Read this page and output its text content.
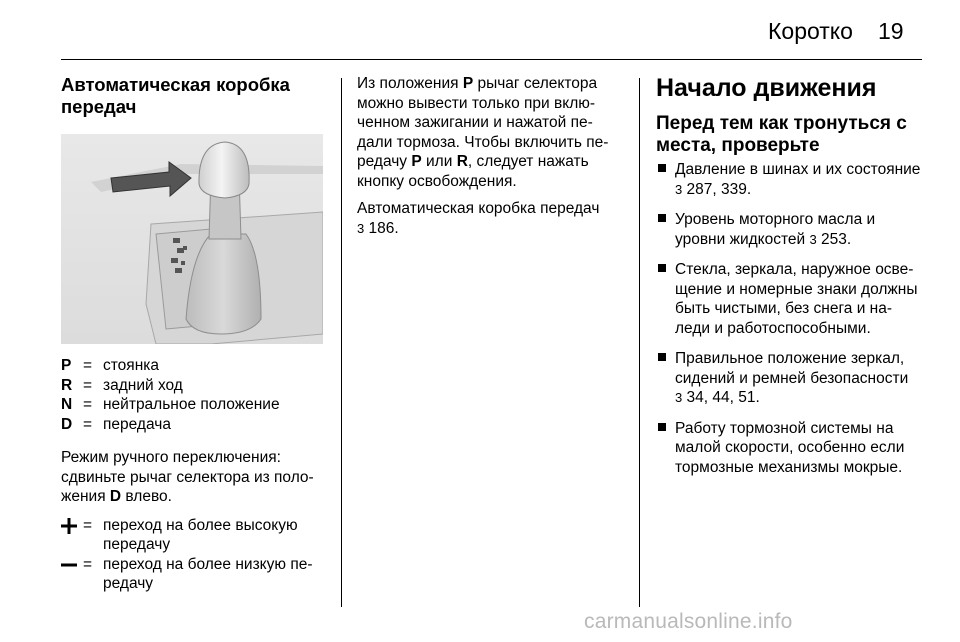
Коротко 19
Автоматическая коробка передач
P	=	стоянка
R	=	задний ход
N	=	нейтральное положение
D	=	передача

Режим ручного переключения: сдвиньте рычаг селектора из поло-жения D влево.

	=	переход на более высокую передачу
	=	переход на более низкую пе-редачу

Из положения P рычаг селектора можно вывести только при вклю-ченном зажигании и нажатой пе-дали тормоза. Чтобы включить пе-редачу P или R, следует нажать кнопку освобождения.

Автоматическая коробка передач
3 186.

Начало движения
Перед тем как тронуться с места, проверьте
Давление в шинах и их состояние
3 287, 339.
Уровень моторного масла и уровни жидкостей 3 253.
Стекла, зеркала, наружное осве-щение и номерные знаки должны быть чистыми, без снега и на-леди и работоспособными.
Правильное положение зеркал, сидений и ремней безопасности
3 34, 44, 51.
Работу тормозной системы на малой скорости, особенно если тормозные механизмы мокрые.
carmanualsonline.info
